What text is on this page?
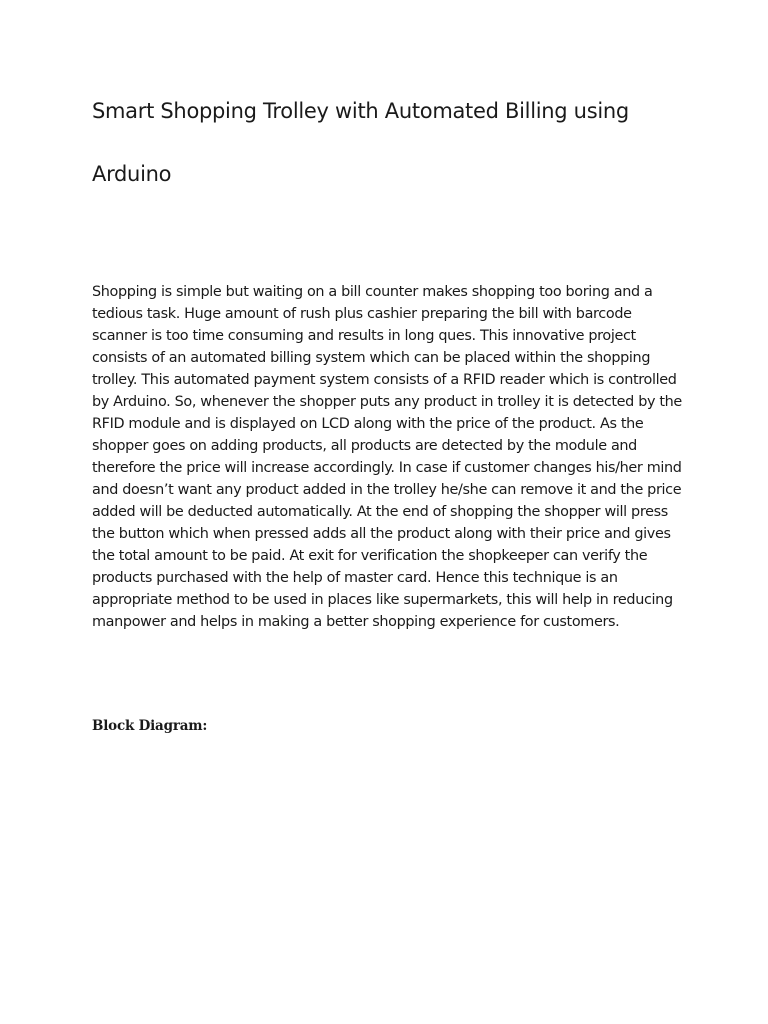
Smart Shopping Trolley with Automated Billing using
Arduino

Shopping is simple but waiting on a bill counter makes shopping too boring and a tedious task. Huge amount of rush plus cashier preparing the bill with barcode scanner is too time consuming and results in long ques. This innovative project consists of an automated billing system which can be placed within the shopping trolley. This automated payment system consists of a RFID reader which is controlled by Arduino. So, whenever the shopper puts any product in trolley it is detected by the RFID module and is displayed on LCD along with the price of the product. As the shopper goes on adding products, all products are detected by the module and therefore the price will increase accordingly. In case if customer changes his/her mind and doesn’t want any product added in the trolley he/she can remove it and the price added will be deducted automatically. At the end of shopping the shopper will press the button which when pressed adds all the product along with their price and gives the total amount to be paid. At exit for verification the shopkeeper can verify the products purchased with the help of master card. Hence this technique is an appropriate method to be used in places like supermarkets, this will help in reducing manpower and helps in making a better shopping experience for customers.

Block Diagram:
